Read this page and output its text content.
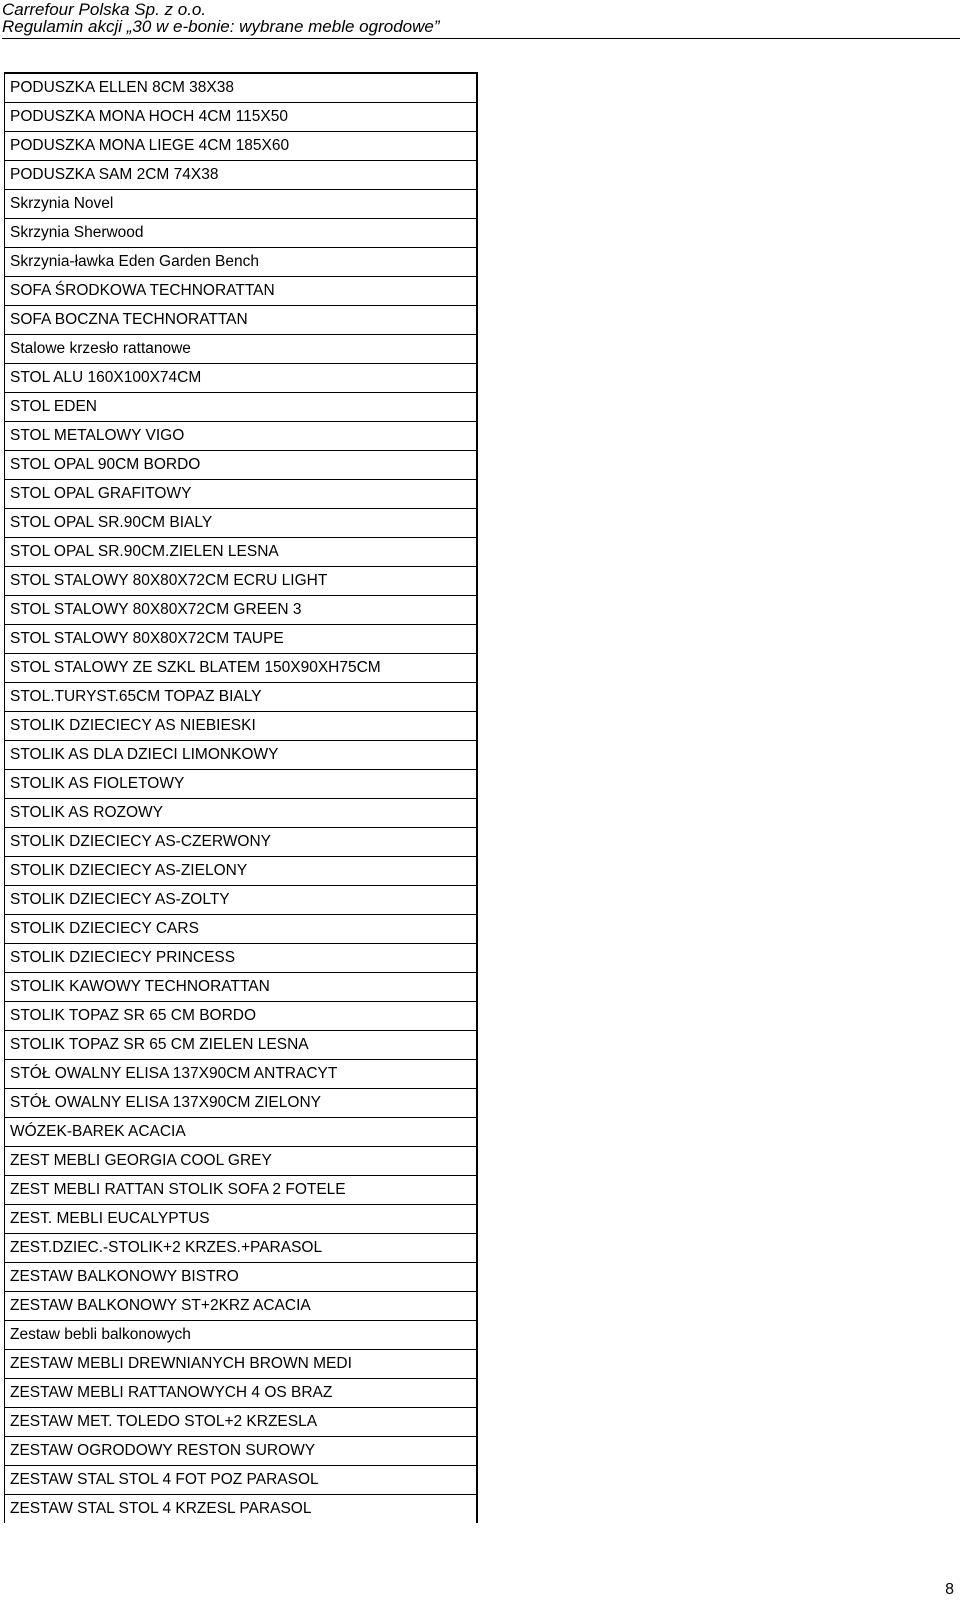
Carrefour Polska Sp. z o.o.
Regulamin akcji „30 w e-bonie: wybrane meble ogrodowe”
PODUSZKA ELLEN 8CM 38X38
PODUSZKA MONA HOCH 4CM 115X50
PODUSZKA MONA LIEGE 4CM 185X60
PODUSZKA SAM 2CM 74X38
Skrzynia Novel
Skrzynia Sherwood
Skrzynia-ławka Eden Garden Bench
SOFA ŚRODKOWA TECHNORATTAN
SOFA BOCZNA TECHNORATTAN
Stalowe krzesło rattanowe
STOL ALU 160X100X74CM
STOL EDEN
STOL METALOWY VIGO
STOL OPAL 90CM BORDO
STOL OPAL GRAFITOWY
STOL OPAL SR.90CM BIALY
STOL OPAL SR.90CM.ZIELEN LESNA
STOL STALOWY 80X80X72CM ECRU LIGHT
STOL STALOWY 80X80X72CM GREEN 3
STOL STALOWY 80X80X72CM TAUPE
STOL STALOWY ZE SZKL BLATEM 150X90XH75CM
STOL.TURYST.65CM TOPAZ BIALY
STOLIK DZIECIECY AS NIEBIESKI
STOLIK AS DLA DZIECI LIMONKOWY
STOLIK AS FIOLETOWY
STOLIK AS ROZOWY
STOLIK DZIECIECY AS-CZERWONY
STOLIK DZIECIECY AS-ZIELONY
STOLIK DZIECIECY AS-ZOLTY
STOLIK DZIECIECY CARS
STOLIK DZIECIECY PRINCESS
STOLIK KAWOWY TECHNORATTAN
STOLIK TOPAZ SR 65 CM BORDO
STOLIK TOPAZ SR 65 CM ZIELEN LESNA
STÓŁ OWALNY ELISA 137X90CM ANTRACYT
STÓŁ OWALNY ELISA 137X90CM ZIELONY
WÓZEK-BAREK ACACIA
ZEST MEBLI GEORGIA COOL GREY
ZEST MEBLI RATTAN STOLIK SOFA 2 FOTELE
ZEST. MEBLI EUCALYPTUS
ZEST.DZIEC.-STOLIK+2 KRZES.+PARASOL
ZESTAW BALKONOWY BISTRO
ZESTAW BALKONOWY ST+2KRZ ACACIA
Zestaw bebli balkonowych
ZESTAW MEBLI DREWNIANYCH BROWN MEDI
ZESTAW MEBLI RATTANOWYCH 4 OS BRAZ
ZESTAW MET. TOLEDO STOL+2 KRZESLA
ZESTAW OGRODOWY RESTON SUROWY
ZESTAW STAL STOL 4 FOT POZ PARASOL
ZESTAW STAL STOL 4 KRZESL PARASOL
8
